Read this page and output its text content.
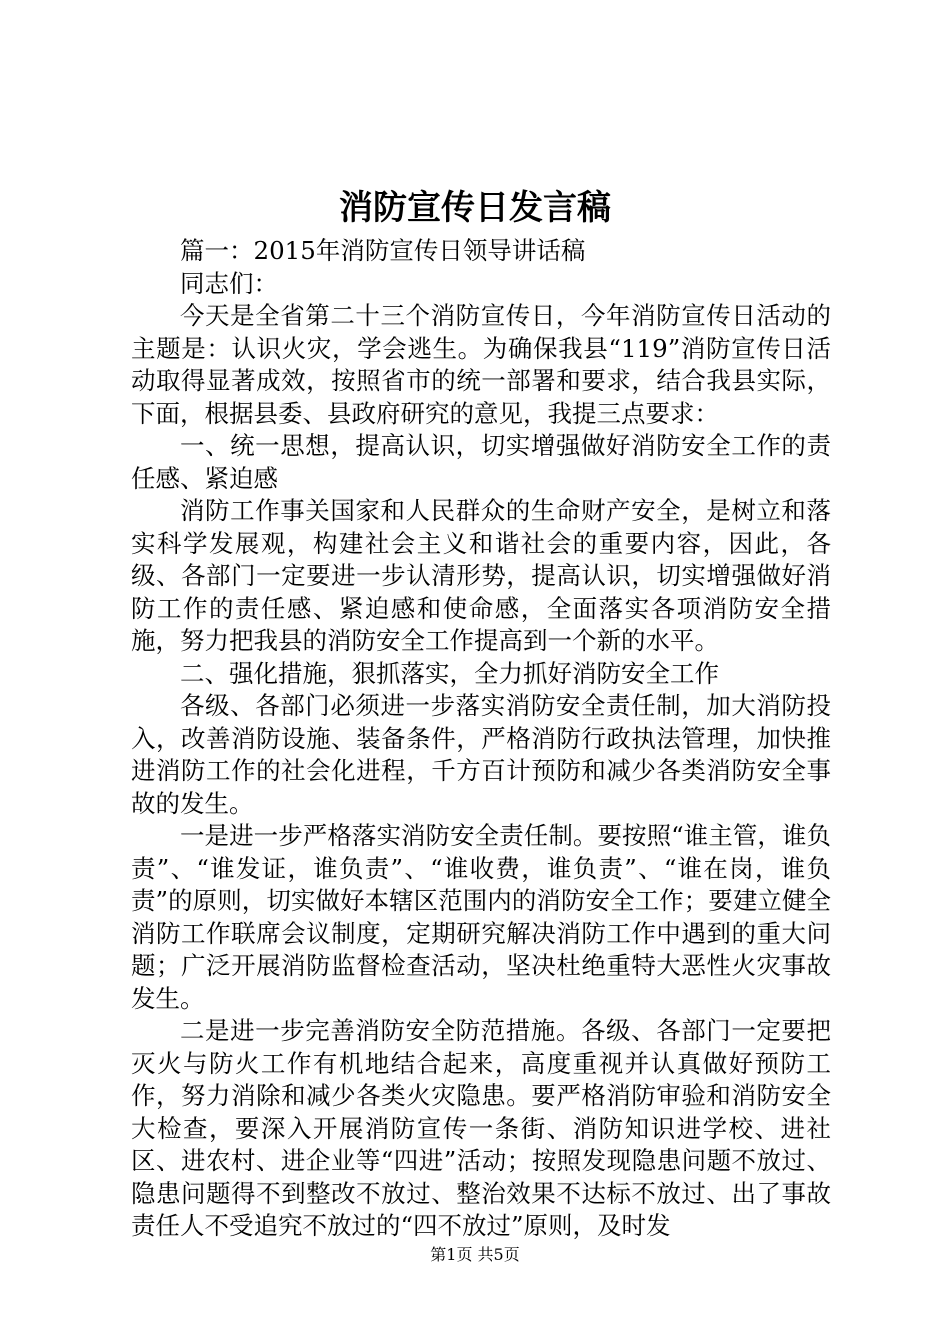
消防宣传日发言稿

篇一：2015年消防宣传日领导讲话稿

同志们：

今天是全省第二十三个消防宣传日，今年消防宣传日活动的主题是：认识火灾，学会逃生。为确保我县“119”消防宣传日活动取得显著成效，按照省市的统一部署和要求，结合我县实际，下面，根据县委、县政府研究的意见，我提三点要求：

一、统一思想，提高认识，切实增强做好消防安全工作的责任感、紧迫感

消防工作事关国家和人民群众的生命财产安全，是树立和落实科学发展观，构建社会主义和谐社会的重要内容，因此，各级、各部门一定要进一步认清形势，提高认识，切实增强做好消防工作的责任感、紧迫感和使命感，全面落实各项消防安全措施，努力把我县的消防安全工作提高到一个新的水平。

二、强化措施，狠抓落实，全力抓好消防安全工作

各级、各部门必须进一步落实消防安全责任制，加大消防投入，改善消防设施、装备条件，严格消防行政执法管理，加快推进消防工作的社会化进程，千方百计预防和减少各类消防安全事故的发生。

一是进一步严格落实消防安全责任制。要按照“谁主管，谁负责”、“谁发证，谁负责”、“谁收费，谁负责”、“谁在岗，谁负责”的原则，切实做好本辖区范围内的消防安全工作；要建立健全消防工作联席会议制度，定期研究解决消防工作中遇到的重大问题；广泛开展消防监督检查活动，坚决杜绝重特大恶性火灾事故发生。

二是进一步完善消防安全防范措施。各级、各部门一定要把灭火与防火工作有机地结合起来，高度重视并认真做好预防工作，努力消除和减少各类火灾隐患。要严格消防审验和消防安全大检查，要深入开展消防宣传一条街、消防知识进学校、进社区、进农村、进企业等“四进”活动；按照发现隐患问题不放过、隐患问题得不到整改不放过、整治效果不达标不放过、出了事故责任人不受追究不放过的“四不放过”原则，及时发

第1页 共5页
